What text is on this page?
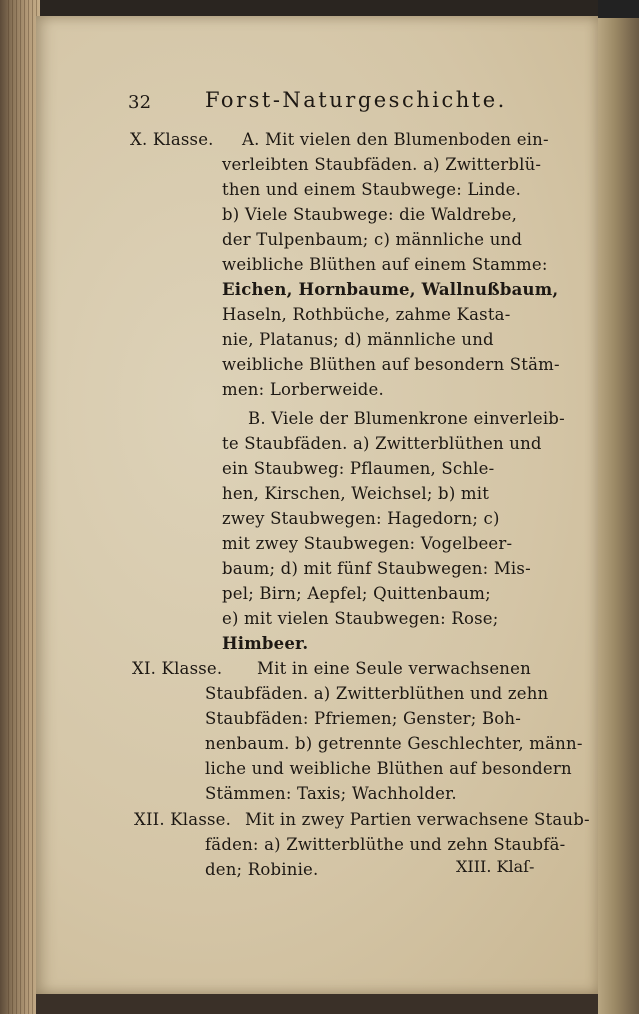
32	Forst-Naturgeschichte.
X. Klasse. A. Mit vielen den Blumenboden ein-
verleibten Staubfäden. a) Zwitterblü-
then und einem Staubwege: Linde.
b) Viele Staubwege: die Waldrebe,
der Tulpenbaum; c) männliche und
weibliche Blüthen auf einem Stamme:
Eichen, Hornbaume, Wallnußbaum,
Haseln, Rothbüche, zahme Kasta-
nie, Platanus; d) männliche und
weibliche Blüthen auf besondern Stäm-
men: Lorberweide.
B. Viele der Blumenkrone einverleib-
te Staubfäden. a) Zwitterblüthen und
ein Staubweg: Pflaumen, Schle-
hen, Kirschen, Weichsel; b) mit
zwey Staubwegen: Hagedorn; c)
mit zwey Staubwegen: Vogelbeer-
baum; d) mit fünf Staubwegen: Mis-
pel; Birn; Aepfel; Quittenbaum;
e) mit vielen Staubwegen: Rose;
Himbeer.
XI. Klasse. Mit in eine Seule verwachsenen
Staubfäden. a) Zwitterblüthen und zehn
Staubfäden: Pfriemen; Genster; Boh-
nenbaum. b) getrennte Geschlechter, männ-
liche und weibliche Blüthen auf besondern
Stämmen: Taxis; Wachholder.
XII. Klasse. Mit in zwey Partien verwachsene Staub-
fäden: a) Zwitterblüthe und zehn Staubfä-
den; Robinie.	XIII. Klaſ-
